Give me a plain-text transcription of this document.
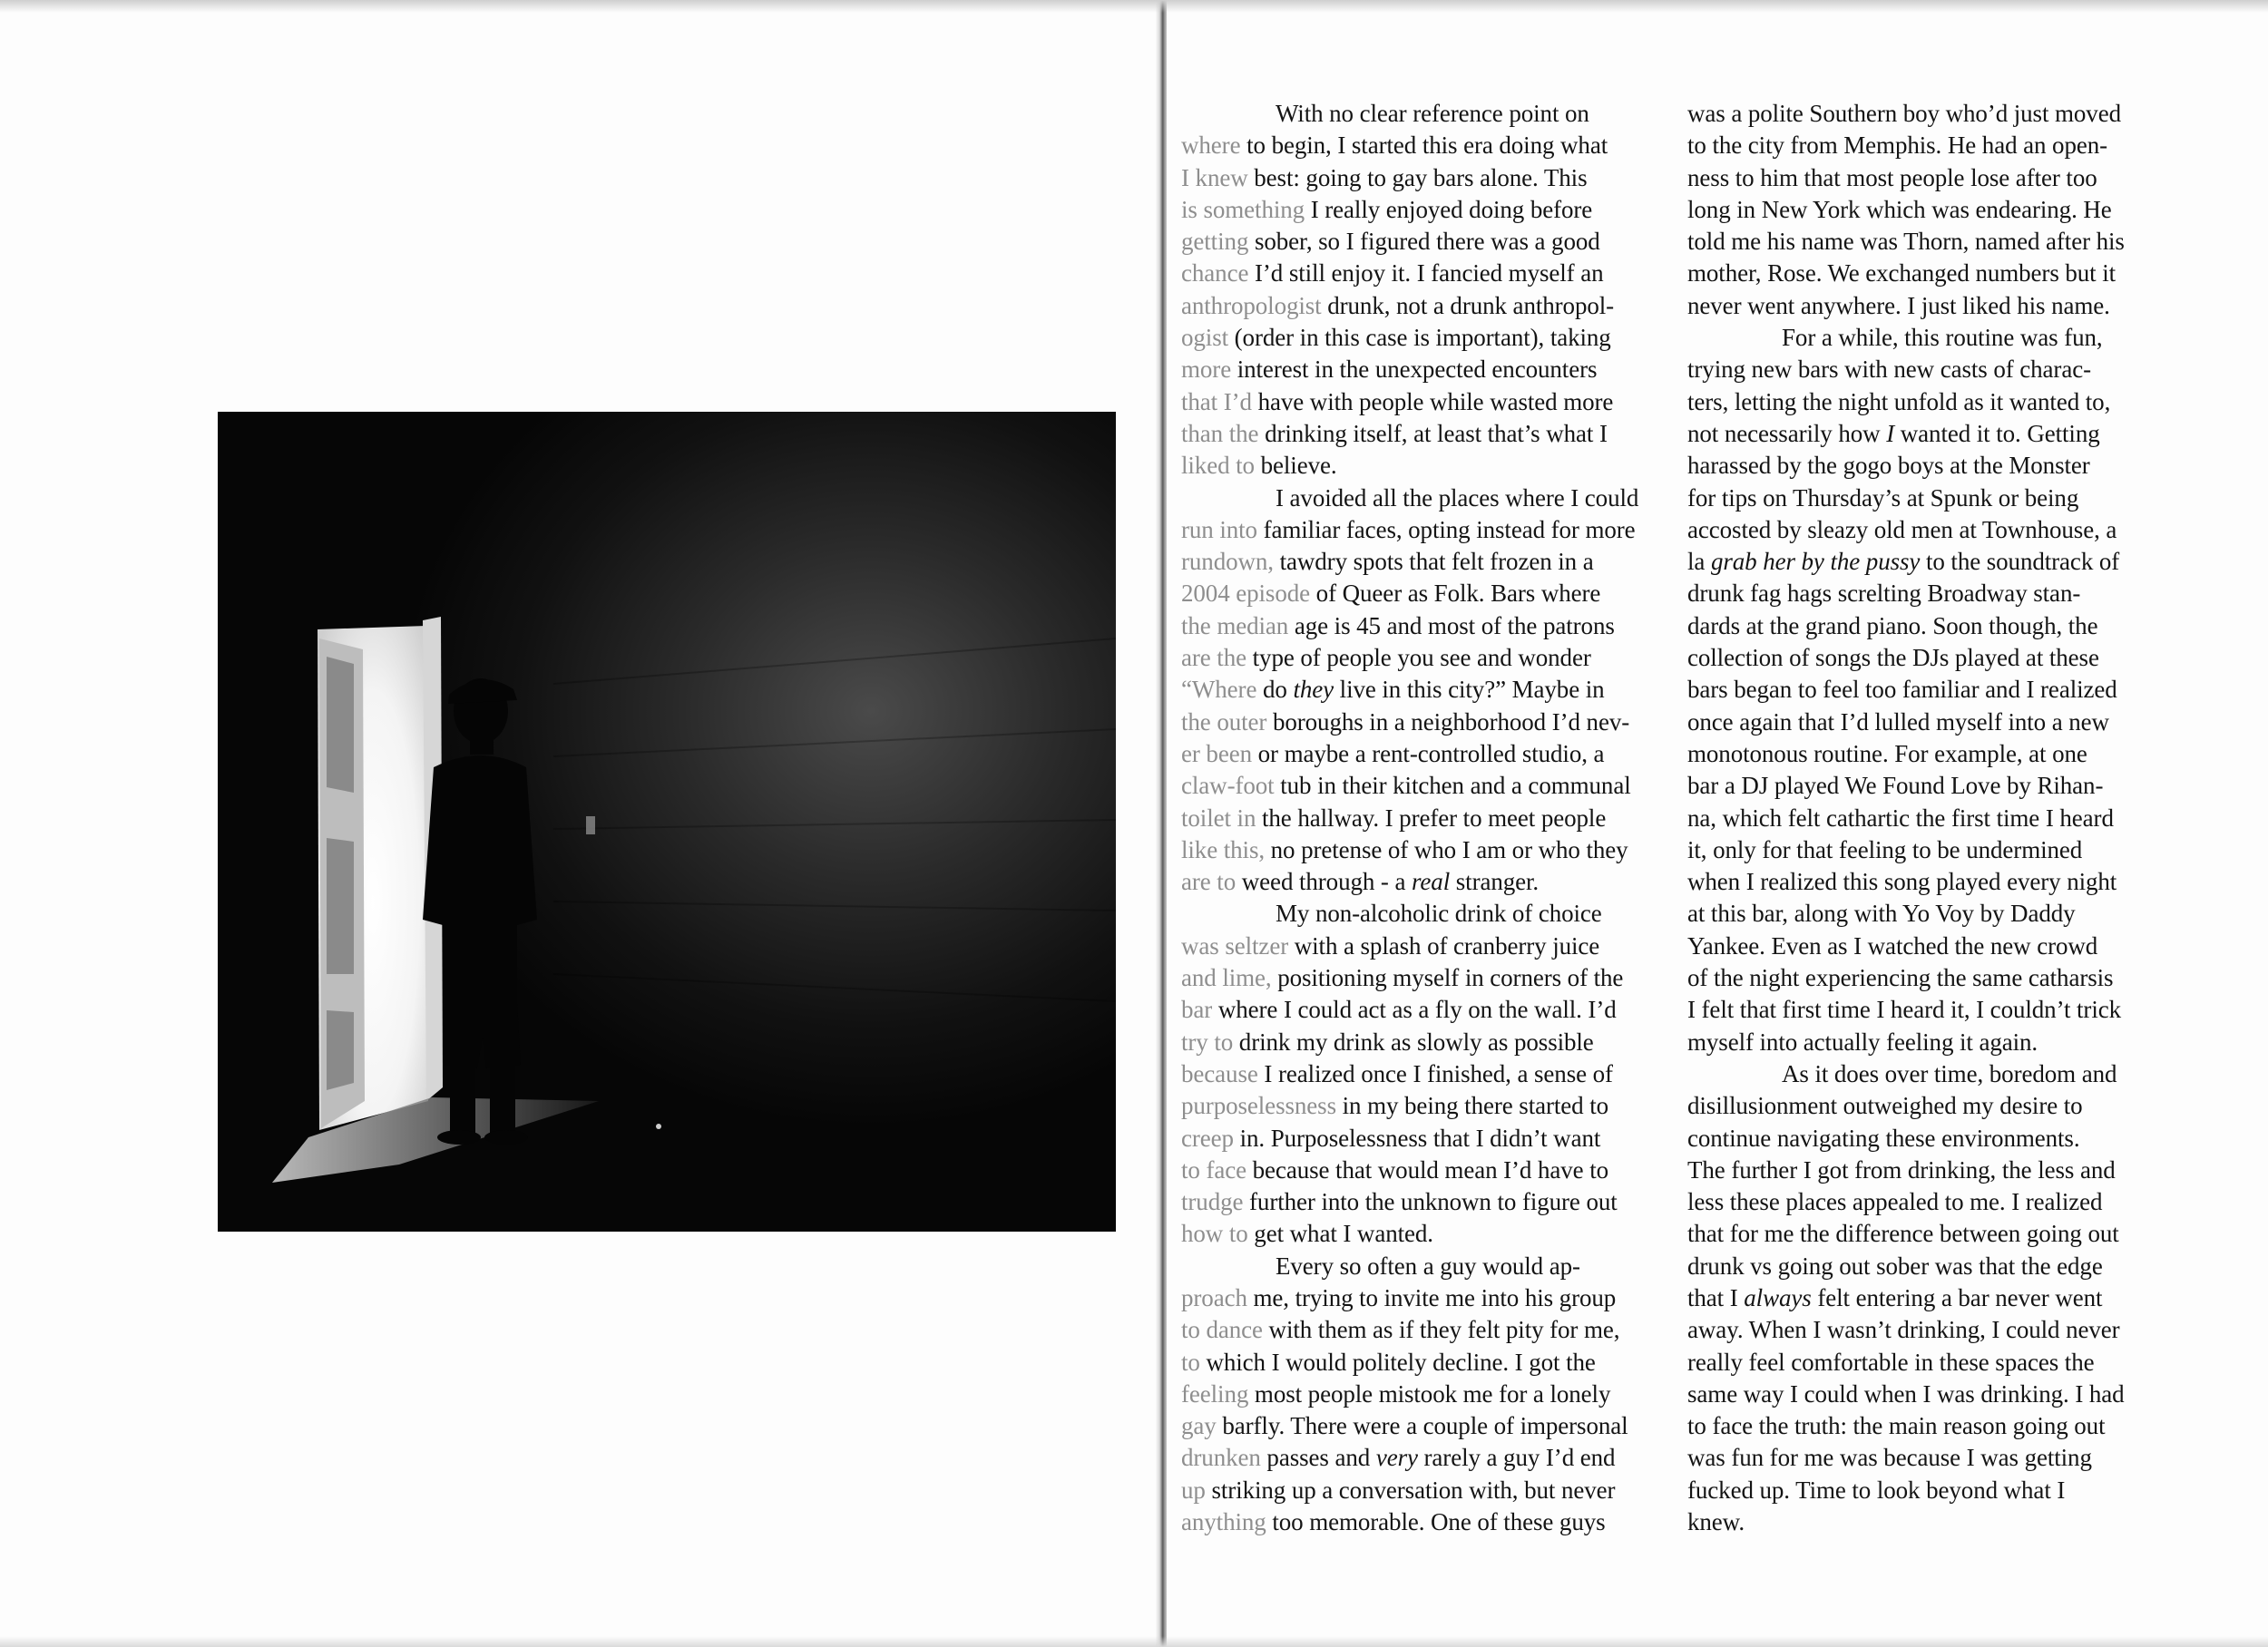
With no clear reference point on
where to begin, I started this era doing what
I knew best: going to gay bars alone. This
is something I really enjoyed doing before
getting sober, so I figured there was a good
chance I’d still enjoy it. I fancied myself an
anthropologist drunk, not a drunk anthropol-
ogist (order in this case is important), taking
more interest in the unexpected encounters
that I’d have with people while wasted more
than the drinking itself, at least that’s what I
liked to believe.
I avoided all the places where I could
run into familiar faces, opting instead for more
rundown, tawdry spots that felt frozen in a
2004 episode of Queer as Folk. Bars where
the median age is 45 and most of the patrons
are the type of people you see and wonder
“Where do they live in this city?” Maybe in
the outer boroughs in a neighborhood I’d nev-
er been or maybe a rent-controlled studio, a
claw-foot tub in their kitchen and a communal
toilet in the hallway. I prefer to meet people
like this, no pretense of who I am or who they
are to weed through - a real stranger.
My non-alcoholic drink of choice
was seltzer with a splash of cranberry juice
and lime, positioning myself in corners of the
bar where I could act as a fly on the wall. I’d
try to drink my drink as slowly as possible
because I realized once I finished, a sense of
purposelessness in my being there started to
creep in. Purposelessness that I didn’t want
to face because that would mean I’d have to
trudge further into the unknown to figure out
how to get what I wanted.
Every so often a guy would ap-
proach me, trying to invite me into his group
to dance with them as if they felt pity for me,
to which I would politely decline. I got the
feeling most people mistook me for a lonely
gay barfly. There were a couple of impersonal
drunken passes and very rarely a guy I’d end
up striking up a conversation with, but never
anything too memorable. One of these guys
was a polite Southern boy who’d just moved
to the city from Memphis. He had an open-
ness to him that most people lose after too
long in New York which was endearing. He
told me his name was Thorn, named after his
mother, Rose. We exchanged numbers but it
never went anywhere. I just liked his name.
For a while, this routine was fun,
trying new bars with new casts of charac-
ters, letting the night unfold as it wanted to,
not necessarily how I wanted it to. Getting
harassed by the gogo boys at the Monster
for tips on Thursday’s at Spunk or being
accosted by sleazy old men at Townhouse, a
la grab her by the pussy to the soundtrack of
drunk fag hags screlting Broadway stan-
dards at the grand piano. Soon though, the
collection of songs the DJs played at these
bars began to feel too familiar and I realized
once again that I’d lulled myself into a new
monotonous routine. For example, at one
bar a DJ played We Found Love by Rihan-
na, which felt cathartic the first time I heard
it, only for that feeling to be undermined
when I realized this song played every night
at this bar, along with Yo Voy by Daddy
Yankee. Even as I watched the new crowd
of the night experiencing the same catharsis
I felt that first time I heard it, I couldn’t trick
myself into actually feeling it again.
As it does over time, boredom and
disillusionment outweighed my desire to
continue navigating these environments.
The further I got from drinking, the less and
less these places appealed to me. I realized
that for me the difference between going out
drunk vs going out sober was that the edge
that I always felt entering a bar never went
away. When I wasn’t drinking, I could never
really feel comfortable in these spaces the
same way I could when I was drinking. I had
to face the truth: the main reason going out
was fun for me was because I was getting
fucked up. Time to look beyond what I
knew.
